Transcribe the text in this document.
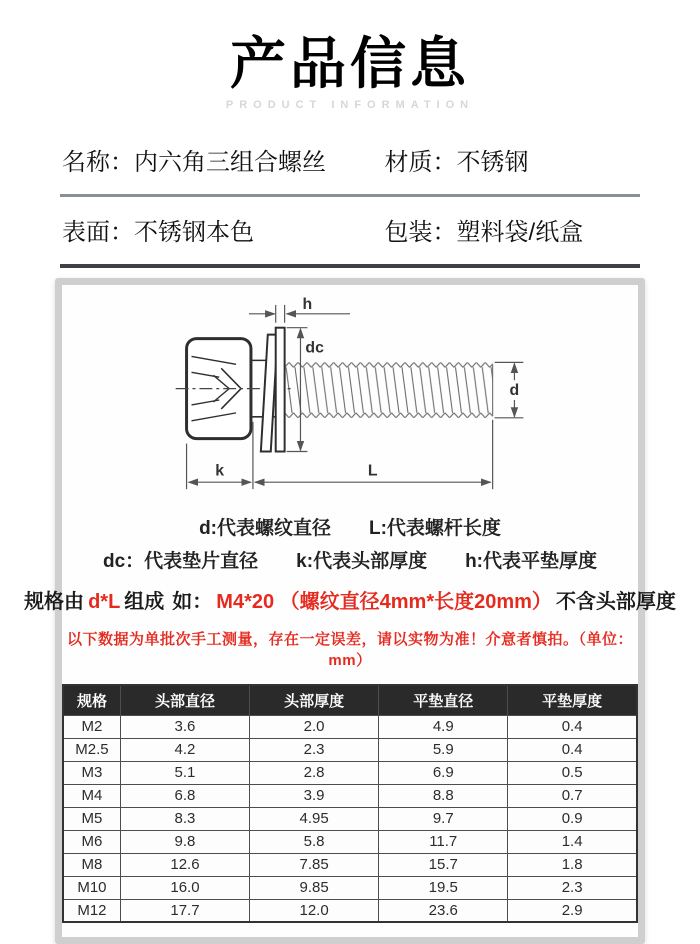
产品信息
PRODUCT INFORMATION
名称：内六角三组合螺丝	材质：不锈钢
表面：不锈钢本色	包装：塑料袋/纸盒
h
dc
d
k	L
d:代表螺纹直径 L:代表螺杆长度
dc：代表垫片直径 k:代表头部厚度 h:代表平垫厚度
规格由 d*L 组成 如： M4*20 （螺纹直径4mm*长度20mm） 不含头部厚度
以下数据为单批次手工测量，存在一定误差，请以实物为准！介意者慎拍。（单位：mm）
规格	头部直径	头部厚度	平垫直径	平垫厚度
M2	3.6	2.0	4.9	0.4
M2.5	4.2	2.3	5.9	0.4
M3	5.1	2.8	6.9	0.5
M4	6.8	3.9	8.8	0.7
M5	8.3	4.95	9.7	0.9
M6	9.8	5.8	11.7	1.4
M8	12.6	7.85	15.7	1.8
M10	16.0	9.85	19.5	2.3
M12	17.7	12.0	23.6	2.9
